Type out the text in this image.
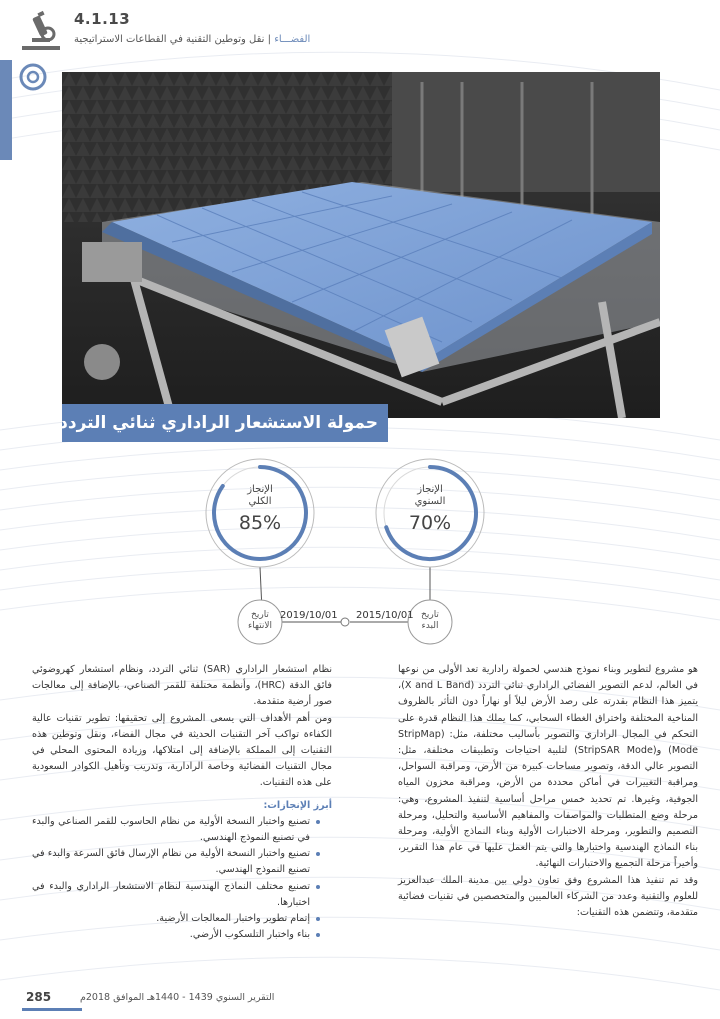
4.1.13
الفضـــاء | نقل وتوطين التقنية في القطاعات الاستراتيجية
حمولة الاستشعار الراداري ثنائي التردد
الإنجاز
السنوي
70%
الإنجاز
الكلي
85%
تاريخ
البدء
2015/10/01
تاريخ
الانتهاء
2019/10/01

هو مشروع لتطوير وبناء نموذج هندسي لحمولة رادارية تعد الأولى من نوعها في العالم، لدعم التصوير الفضائي الراداري ثنائي التردد (X and L Band)، يتميز هذا النظام بقدرته على رصد الأرض ليلاً أو نهاراً دون التأثر بالظروف المناخية المختلفة واختراق الغطاء السحابي، كما يملك هذا النظام قدرة على التحكم في المجال الراداري والتصوير بأساليب مختلفة، مثل: (StripMap Mode) و(StripSAR Mode) لتلبية احتياجات وتطبيقات مختلفة، مثل: التصوير عالي الدقة، وتصوير مساحات كبيرة من الأرض، ومراقبة السواحل، ومراقبة التغييرات في أماكن محددة من الأرض، ومراقبة مخزون المياه الجوفية، وغيرها. تم تحديد خمس مراحل أساسية لتنفيذ المشروع، وهي: مرحلة وضع المتطلبات والمواصفات والمفاهيم الأساسية والتحليل، ومرحلة التصميم والتطوير، ومرحلة الاختبارات الأولية وبناء النماذج الأولية، ومرحلة بناء النماذج الهندسية واختبارها والتي يتم العمل عليها في عام هذا التقرير، وأخيراً مرحلة التجميع والاختبارات النهائية.

وقد تم تنفيذ هذا المشروع وفق تعاون دولي بين مدينة الملك عبدالعزيز للعلوم والتقنية وعدد من الشركاء العالميين والمتخصصين في تقنيات فضائية متقدمة، وتتضمن هذه التقنيات:

نظام استشعار الراداري (SAR) ثنائي التردد، ونظام استشعار كهروضوئي فائق الدقة (HRC)، وأنظمة مختلفة للقمر الصناعي، بالإضافة إلى معالجات صور أرضية متقدمة.

ومن أهم الأهداف التي يسعى المشروع إلى تحقيقها: تطوير تقنيات عالية الكفاءة تواكب آخر التقنيات الحديثة في مجال الفضاء، ونقل وتوطين هذه التقنيات إلى المملكة بالإضافة إلى امتلاكها، وزيادة المحتوى المحلي في مجال التقنيات الفضائية وخاصة الرادارية، وتدريب وتأهيل الكوادر السعودية على هذه التقنيات.

أبرز الإنجازات:

تصنيع واختبار النسخة الأولية من نظام الحاسوب للقمر الصناعي والبدء في تصنيع النموذج الهندسي.
تصنيع واختبار النسخة الأولية من نظام الإرسال فائق السرعة والبدء في تصنيع النموذج الهندسي.
تصنيع مختلف النماذج الهندسية لنظام الاستشعار الراداري والبدء في اختبارها.
إتمام تطوير واختبار المعالجات الأرضية.
بناء واختبار التلسكوب الأرضي.
285	التقرير السنوي 1439 - 1440هـ الموافق 2018م
